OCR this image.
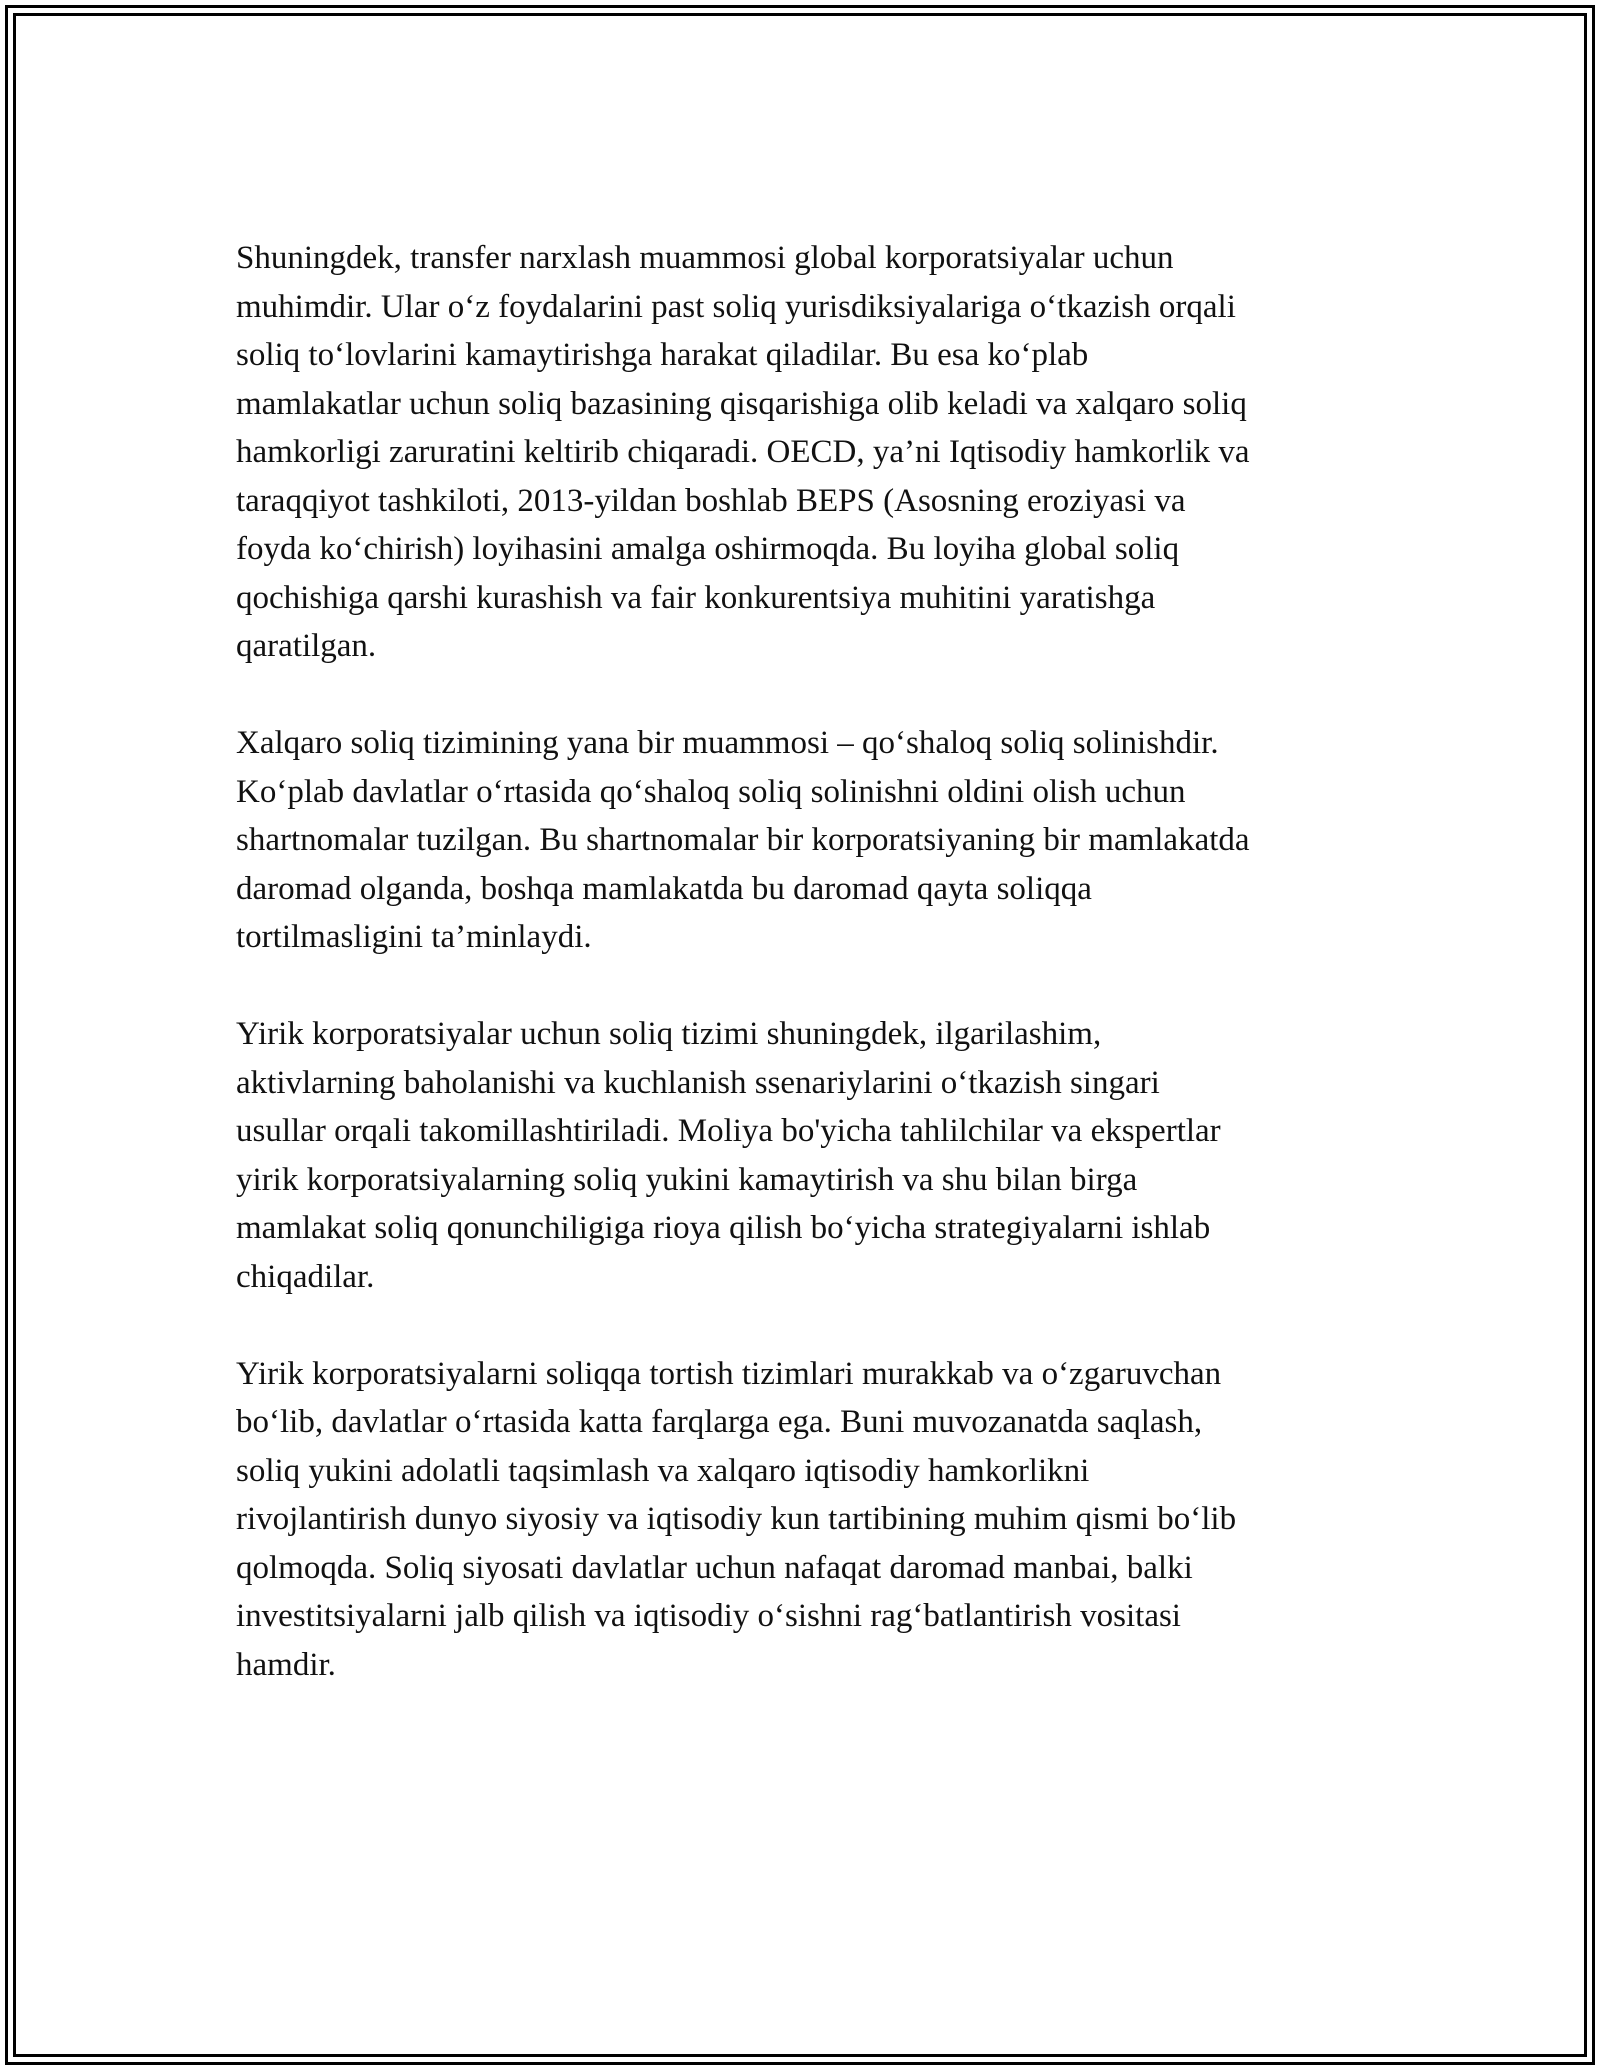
Shuningdek, transfer narxlash muammosi global korporatsiyalar uchun
muhimdir. Ular o‘z foydalarini past soliq yurisdiksiyalariga o‘tkazish orqali
soliq to‘lovlarini kamaytirishga harakat qiladilar. Bu esa ko‘plab
mamlakatlar uchun soliq bazasining qisqarishiga olib keladi va xalqaro soliq
hamkorligi zaruratini keltirib chiqaradi. OECD, ya’ni Iqtisodiy hamkorlik va
taraqqiyot tashkiloti, 2013-yildan boshlab BEPS (Asosning eroziyasi va
foyda ko‘chirish) loyihasini amalga oshirmoqda. Bu loyiha global soliq
qochishiga qarshi kurashish va fair konkurentsiya muhitini yaratishga
qaratilgan.

Xalqaro soliq tizimining yana bir muammosi – qo‘shaloq soliq solinishdir.
Ko‘plab davlatlar o‘rtasida qo‘shaloq soliq solinishni oldini olish uchun
shartnomalar tuzilgan. Bu shartnomalar bir korporatsiyaning bir mamlakatda
daromad olganda, boshqa mamlakatda bu daromad qayta soliqqa
tortilmasligini ta’minlaydi.

Yirik korporatsiyalar uchun soliq tizimi shuningdek, ilgarilashim,
aktivlarning baholanishi va kuchlanish ssenariylarini o‘tkazish singari
usullar orqali takomillashtiriladi. Moliya bo'yicha tahlilchilar va ekspertlar
yirik korporatsiyalarning soliq yukini kamaytirish va shu bilan birga
mamlakat soliq qonunchiligiga rioya qilish bo‘yicha strategiyalarni ishlab
chiqadilar.

Yirik korporatsiyalarni soliqqa tortish tizimlari murakkab va o‘zgaruvchan
bo‘lib, davlatlar o‘rtasida katta farqlarga ega. Buni muvozanatda saqlash,
soliq yukini adolatli taqsimlash va xalqaro iqtisodiy hamkorlikni
rivojlantirish dunyo siyosiy va iqtisodiy kun tartibining muhim qismi bo‘lib
qolmoqda. Soliq siyosati davlatlar uchun nafaqat daromad manbai, balki
investitsiyalarni jalb qilish va iqtisodiy o‘sishni rag‘batlantirish vositasi
hamdir.
